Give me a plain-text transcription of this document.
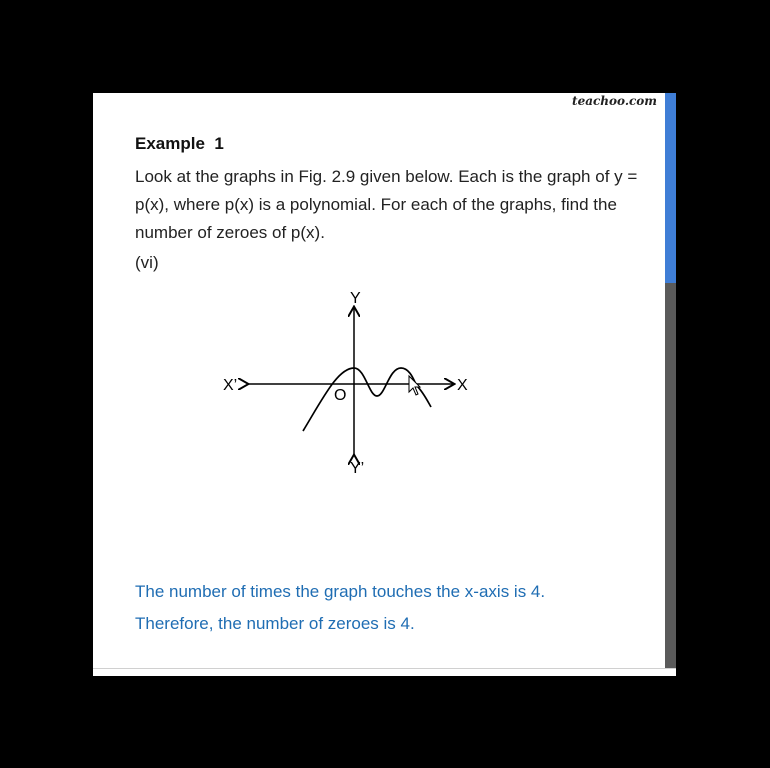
teachoo.com
Example  1
Look at the graphs in Fig. 2.9 given below. Each is the graph of y = p(x), where p(x) is a polynomial. For each of the graphs, find the number of zeroes of p(x).
(vi)
Y
Y’
X
X’
O
The number of times the graph touches the x-axis is 4.
Therefore, the number of zeroes is 4.
